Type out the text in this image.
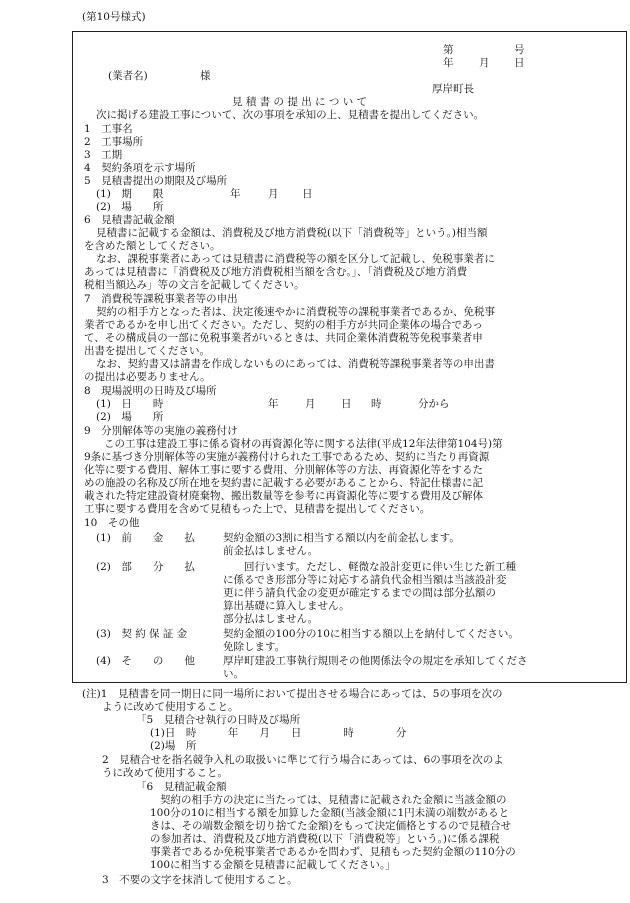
(第10号様式)
第	号
年 月 日
(業者名)	様
厚岸町長
見 積 書 の 提 出 に つ い て
次に掲げる建設工事について、次の事項を承知の上、見積書を提出してください。
1　工事名
2　工事場所
3　工期
4　契約条項を示す場所
5　見積書提出の期限及び場所
(1)　期　　限	年	月 日
(2)　場　　所
6　見積書記載金額
見積書に記載する金額は、消費税及び地方消費税(以下「消費税等」という。)相当額
を含めた額としてください。
なお、課税事業者にあっては見積書に消費税等の額を区分して記載し、免税事業者に
あっては見積書に「消費税及び地方消費税相当額を含む。」、「消費税及び地方消費
税相当額込み」等の文言を記載してください。
7　消費税等課税事業者等の申出
契約の相手方となった者は、決定後速やかに消費税等の課税事業者であるか、免税事
業者であるかを申し出てください。ただし、契約の相手方が共同企業体の場合であっ
て、その構成員の一部に免税事業者がいるときは、共同企業体消費税等免税事業者申
出書を提出してください。
なお、契約書又は請書を作成しないものにあっては、消費税等課税事業者等の申出書
の提出は必要ありません。
8　現場説明の日時及び場所
(1)　日　　時	年	月 日 時	分から
(2)　場　　所
9　分別解体等の実施の義務付け
この工事は建設工事に係る資材の再資源化等に関する法律(平成12年法律第104号)第
9条に基づき分別解体等の実施が義務付けられた工事であるため、契約に当たり再資源
化等に要する費用、解体工事に要する費用、分別解体等の方法、再資源化等をするた
めの施設の名称及び所在地を契約書に記載する必要があることから、特記仕様書に記
載された特定建設資材廃棄物、搬出数量等を参考に再資源化等に要する費用及び解体
工事に要する費用を含めて見積もった上で、見積書を提出してください。
10　その他
(1)　前　　金　　払	契約金額の3割に相当する額以内を前金払します。
前金払はしません。
(2)　部　　分　　払	　　回行います。ただし、軽微な設計変更に伴い生じた新工種
に係るでき形部分等に対応する請負代金相当額は当該設計変
更に伴う請負代金の変更が確定するまでの間は部分払額の
算出基礎に算入しません。
部分払はしません。
(3)　契 約 保 証 金	契約金額の100分の10に相当する額以上を納付してください。
免除します。
(4)　そ　　の　　他	厚岸町建設工事執行規則その他関係法令の規定を承知してくださ
い。
(注)1　見積書を同一期日に同一場所において提出させる場合にあっては、5の事項を次の
ように改めて使用すること。
「5　見積合せ執行の日時及び場所
(1)日　時　　　年　　月　　日　　　　時　　　　分
(2)場　所
2　見積合せを指名競争入札の取扱いに準じて行う場合にあっては、6の事項を次のよ
うに改めて使用すること。
「6　見積記載金額
契約の相手方の決定に当たっては、見積書に記載された金額に当該金額の
100分の10に相当する額を加算した金額(当該金額に1円未満の端数があると
きは、その端数金額を切り捨てた金額)をもって決定価格とするので見積合せ
の参加者は、消費税及び地方消費税(以下「消費税等」という。)に係る課税
事業者であるか免税事業者であるかを問わず、見積もった契約金額の110分の
100に相当する金額を見積書に記載してください。」
3　不要の文字を抹消して使用すること。
